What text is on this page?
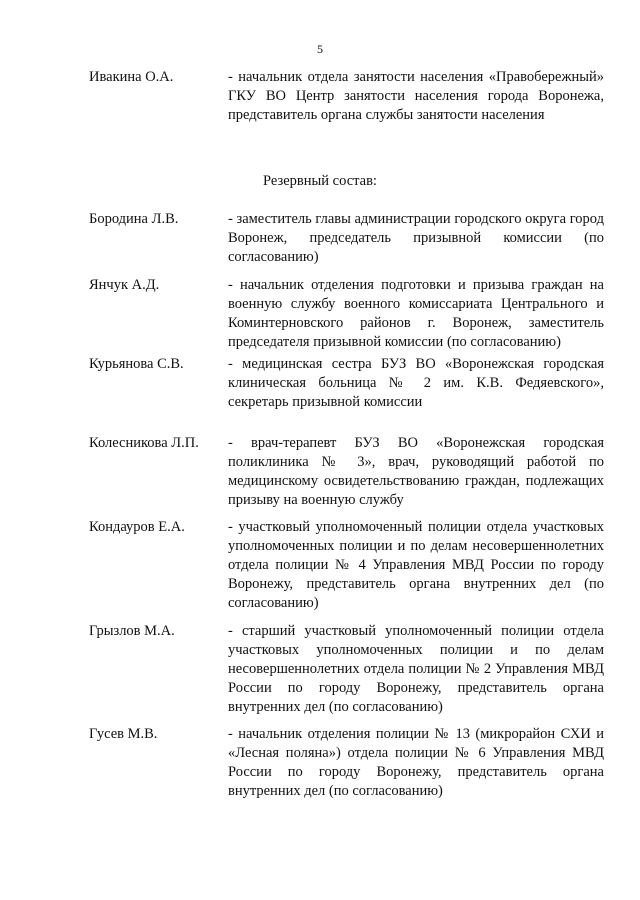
5
Ивакина О.А.	- начальник отдела занятости населения «Правобережный» ГКУ ВО Центр занятости населения города Воронежа, представитель органа службы занятости населения
Резервный состав:
Бородина Л.В.	- заместитель главы администрации городского округа город Воронеж, председатель призывной комиссии (по согласованию)
Янчук А.Д.	- начальник отделения подготовки и призыва граждан на военную службу военного комиссариата Центрального и Коминтерновского районов г. Воронеж, заместитель председателя призывной комиссии (по согласованию)
Курьянова С.В.	- медицинская сестра БУЗ ВО «Воронежская городская клиническая больница № 2 им. К.В. Федяевского», секретарь призывной комиссии
Колесникова Л.П. - врач-терапевт БУЗ ВО «Воронежская городская поликлиника № 3», врач, руководящий работой по медицинскому освидетельствованию граждан, подлежащих призыву на военную службу
Кондауров Е.А.	- участковый уполномоченный полиции отдела участковых уполномоченных полиции и по делам несовершеннолетних отдела полиции № 4 Управления МВД России по городу Воронежу, представитель органа внутренних дел (по согласованию)
Грызлов М.А.	- старший участковый уполномоченный полиции отдела участковых уполномоченных полиции и по делам несовершеннолетних отдела полиции № 2 Управления МВД России по городу Воронежу, представитель органа внутренних дел (по согласованию)
Гусев М.В.	- начальник отделения полиции № 13 (микрорайон СХИ и «Лесная поляна») отдела полиции № 6 Управления МВД России по городу Воронежу, представитель органа внутренних дел (по согласованию)
